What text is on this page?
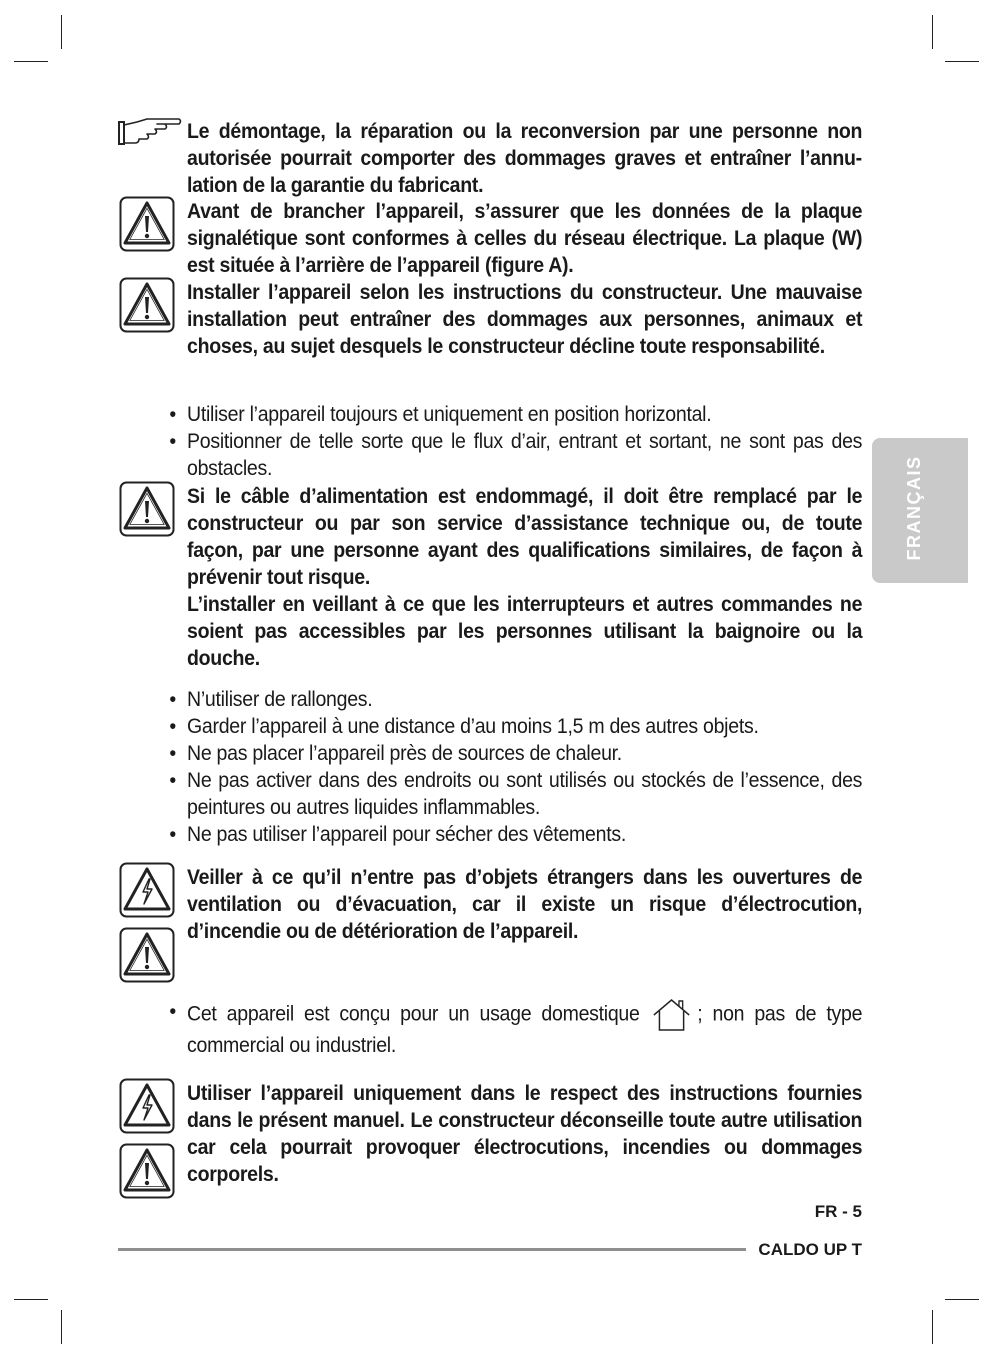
Le démontage, la réparation ou la reconversion par une personne non autorisée pourrait comporter des dommages graves et entraîner l’annulation de la garantie du fabricant.

Avant de brancher l’appareil, s’assurer que les données de la plaque signalétique sont conformes à celles du réseau électrique. La plaque (W) est située à l’arrière de l’appareil (figure A).

Installer l’appareil selon les instructions du constructeur. Une mauvaise installation peut entraîner des dommages aux personnes, animaux et choses, au sujet desquels le constructeur décline toute responsabilité.

• Utiliser l’appareil toujours et uniquement en position horizontal.
• Positionner de telle sorte que le flux d’air, entrant et sortant, ne sont pas des obstacles.

Si le câble d’alimentation est endommagé, il doit être remplacé par le constructeur ou par son service d’assistance technique ou, de toute façon, par une personne ayant des qualifications similaires, de façon à prévenir tout risque.

L’installer en veillant à ce que les interrupteurs et autres commandes ne soient pas accessibles par les personnes utilisant la baignoire ou la douche.

• N’utiliser de rallonges.
• Garder l’appareil à une distance d’au moins 1,5 m des autres objets.
• Ne pas placer l’appareil près de sources de chaleur.
• Ne pas activer dans des endroits ou sont utilisés ou stockés de l’essence, des peintures ou autres liquides inflammables.
• Ne pas utiliser l’appareil pour sécher des vêtements.

Veiller à ce qu’il n’entre pas d’objets étrangers dans les ouvertures de ventilation ou d’évacuation, car il existe un risque d’électrocution, d’incendie ou de détérioration de l’appareil.

• Cet appareil est conçu pour un usage domestique	; non pas de type commercial ou industriel.

Utiliser l’appareil uniquement dans le respect des instructions fournies dans le présent manuel. Le constructeur déconseille toute autre utilisation car cela pourrait provoquer électrocutions, incendies ou dommages corporels.

FRANÇAIS
FR - 5
CALDO UP T
